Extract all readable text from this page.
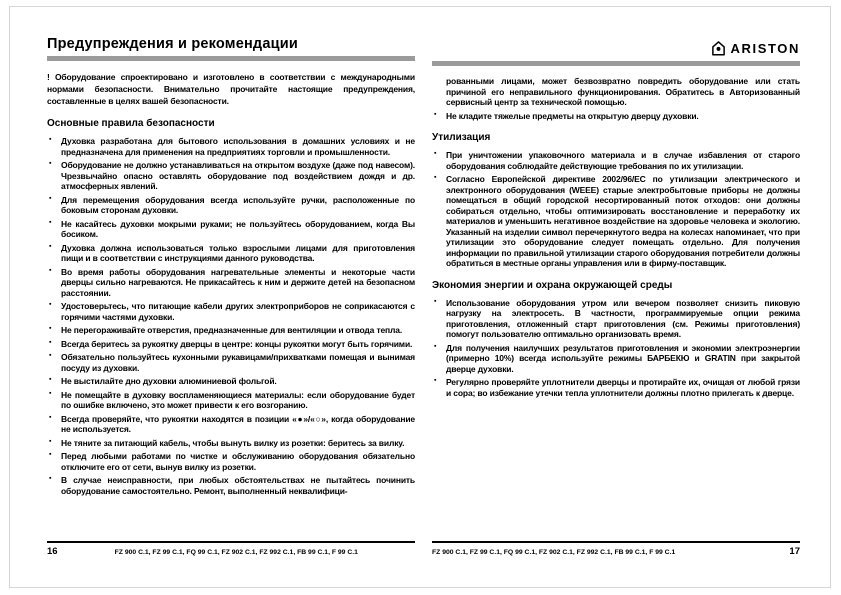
Предупреждения и рекомендации

! Оборудование спроектировано и изготовлено в соответствии с международными нормами безопасности. Внимательно прочитайте настоящие предупреждения, составленные в целях вашей безопасности.

Основные правила безопасности
▪ Духовка разработана для бытового использования в домашних условиях и не предназначена для применения на предприятиях торговли и промышленности.
▪ Оборудование не должно устанавливаться на открытом воздухе (даже под навесом). Чрезвычайно опасно оставлять оборудование под воздействием дождя и др. атмосферных явлений.
▪ Для перемещения оборудования всегда используйте ручки, расположенные по боковым сторонам духовки.
▪ Не касайтесь духовки мокрыми руками; не пользуйтесь оборудованием, когда Вы босиком.
▪ Духовка должна использоваться только взрослыми лицами для приготовления пищи и в соответствии с инструкциями данного руководства.
▪ Во время работы оборудования нагревательные элементы и некоторые части дверцы сильно нагреваются. Не прикасайтесь к ним и держите детей на безопасном расстоянии.
▪ Удостоверьтесь, что питающие кабели других электроприборов не соприкасаются с горячими частями духовки.
▪ Не перегораживайте отверстия, предназначенные для вентиляции и отвода тепла.
▪ Всегда беритесь за рукоятку дверцы в центре: концы рукоятки могут быть горячими.
▪ Обязательно пользуйтесь кухонными рукавицами/прихватками помещая и вынимая посуду из духовки.
▪ Не выстилайте дно духовки алюминиевой фольгой.
▪ Не помещайте в духовку воспламеняющиеся материалы: если оборудование будет по ошибке включено, это может привести к его возгоранию.
▪ Всегда проверяйте, что рукоятки находятся в позиции «●»/«○», когда оборудование не используется.
▪ Не тяните за питающий кабель, чтобы вынуть вилку из розетки: беритесь за вилку.
▪ Перед любыми работами по чистке и обслуживанию оборудования обязательно отключите его от сети, вынув вилку из розетки.
▪ В случае неисправности, при любых обстоятельствах не пытайтесь починить оборудование самостоятельно. Ремонт, выполненный неквалифици-
ARISTON

рованными лицами, может безвозвратно повредить оборудование или стать причиной его неправильного функционирования. Обратитесь в Авторизованный сервисный центр за технической помощью.

▪ Не кладите тяжелые предметы на открытую дверцу духовки.
Утилизация
▪ При уничтожении упаковочного материала и в случае избавления от старого оборудования соблюдайте действующие требования по их утилизации.
▪ Согласно Европейской директиве 2002/96/EC по утилизации электрического и электронного оборудования (WEEE) старые электробытовые приборы не должны помещаться в общий городской несортированный поток отходов: они должны собираться отдельно, чтобы оптимизировать восстановление и переработку их материалов и уменьшить негативное воздействие на здоровье человека и экологию. Указанный на изделии символ перечеркнутого ведра на колесах напоминает, что при утилизации это оборудование следует помещать отдельно. Для получения информации по правильной утилизации старого оборудования потребители должны обратиться в местные органы управления или в фирму-поставщик.
Экономия энергии и охрана окружающей среды
▪ Использование оборудования утром или вечером позволяет снизить пиковую нагрузку на электросеть. В частности, программируемые опции режима приготовления, отложенный старт приготовления (см. Режимы приготовления) помогут пользователю оптимально организовать время.
▪ Для получения наилучших результатов приготовления и экономии электроэнергии (примерно 10%) всегда используйте режимы БАРБЕКЮ и GRATIN при закрытой дверце духовки.
▪ Регулярно проверяйте уплотнители дверцы и протирайте их, очищая от любой грязи и сора; во избежание утечки тепла уплотнители должны плотно прилегать к дверце.
16	FZ 900 C.1, FZ 99 C.1, FQ 99 C.1, FZ 902 C.1, FZ 992 C.1, FB 99 C.1, F 99 C.1	FZ 900 C.1, FZ 99 C.1, FQ 99 C.1, FZ 902 C.1, FZ 992 C.1, FB 99 C.1, F 99 C.1	17
